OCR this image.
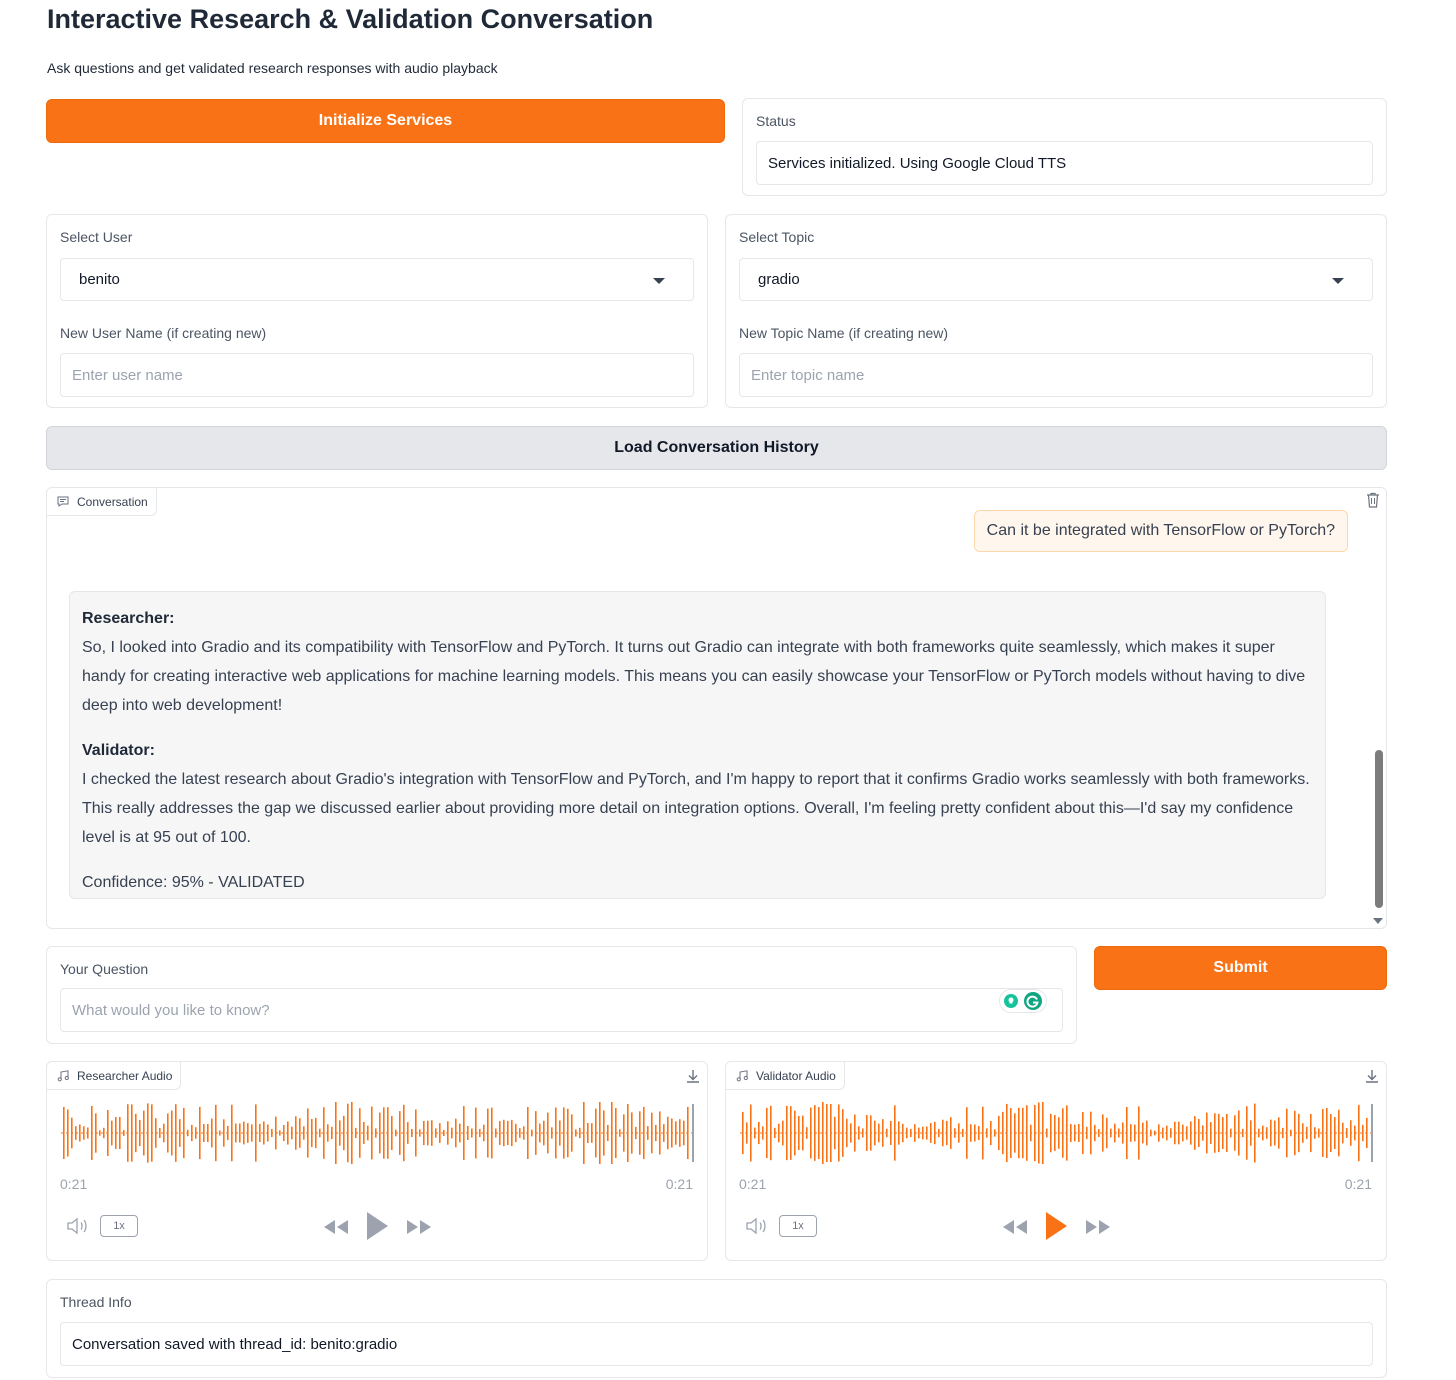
Interactive Research & Validation Conversation
Ask questions and get validated research responses with audio playback
Initialize Services	Status
Services initialized. Using Google Cloud TTS
Select User
benito
New User Name (if creating new)
Enter user name
Select Topic
gradio
New Topic Name (if creating new)
Enter topic name
Load Conversation History
Conversation
Can it be integrated with TensorFlow or PyTorch?

Researcher:

So, I looked into Gradio and its compatibility with TensorFlow and PyTorch. It turns out Gradio can integrate with both frameworks quite seamlessly, which makes it super handy for creating interactive web applications for machine learning models. This means you can easily showcase your TensorFlow or PyTorch models without having to dive deep into web development!

Validator:

I checked the latest research about Gradio's integration with TensorFlow and PyTorch, and I'm happy to report that it confirms Gradio works seamlessly with both frameworks. This really addresses the gap we discussed earlier about providing more detail on integration options. Overall, I'm feeling pretty confident about this—I'd say my confidence level is at 95 out of 100.

Confidence: 95% - VALIDATED

Your Question
What would you like to know?
Submit
Researcher Audio
0:21	0:21
1x
Validator Audio
0:21	0:21
1x
Thread Info
Conversation saved with thread_id: benito:gradio
